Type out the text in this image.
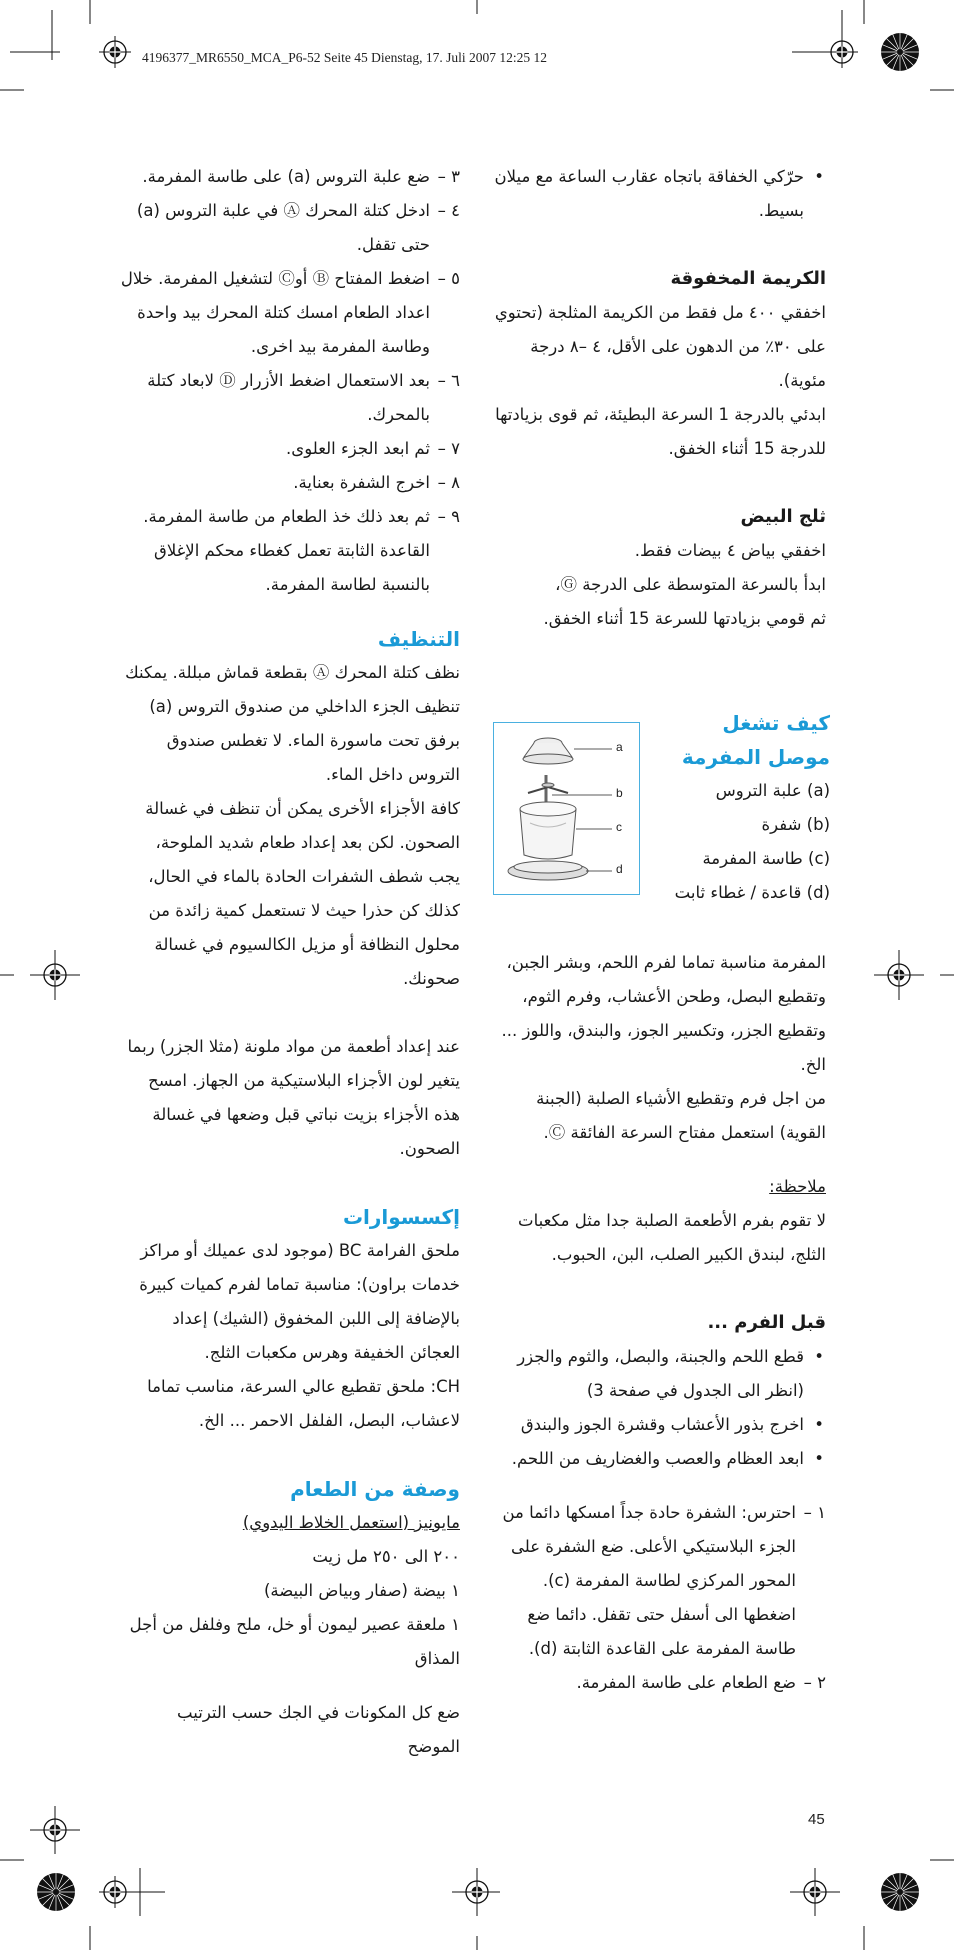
4196377_MR6550_MCA_P6-52 Seite 45 Dienstag, 17. Juli 2007 12:25 12
• حرّكي الخفاقة باتجاه عقارب الساعة مع ميلان بسيط.

الكريمة المخفوقة

اخفقي ٤٠٠ مل فقط من الكريمة المثلجة (تحتوي على ٣٠٪ من الدهون على الأقل، ٤ –٨ درجة مئوية).

ابدئي بالدرجة 1 السرعة البطيئة، ثم قوى بزيادتها للدرجة 15 أثناء الخفق.

ثلج البيض

اخفقي بياض ٤ بيضات فقط.

ابدأ بالسرعة المتوسطة على الدرجة Ⓖ،

ثم قومي بزيادتها للسرعة 15 أثناء الخفق.

كيف تشغل

موصل المفرمة

(a) علبة التروس

(b) شفرة

(c) طاسة المفرمة

(d) قاعدة / غطاء ثابت

a
b
c
d

المفرمة مناسبة تماما لفرم اللحم، وبشر الجبن، وتقطيع البصل، وطحن الأعشاب، وفرم الثوم، وتقطيع الجزر، وتكسير الجوز، والبندق، واللوز ... الخ.

من اجل فرم وتقطيع الأشياء الصلبة (الجبنة القوية) استعمل مفتاح السرعة الفائقة Ⓒ.

ملاحظة:

لا تقوم بفرم الأطعمة الصلبة جدا مثل مكعبات الثلج، لبندق الكبير الصلب، البن، الحبوب.

قبل الفرم ...

• قطع اللحم والجبنة، والبصل، والثوم والجزر (انظر الى الجدول في صفحة 3)
• اخرج بذور الأعشاب وقشرة الجوز والبندق
• ابعد العظام والعصب والغضاريف من اللحم.
١ –

احترس: الشفرة حادة جداً امسكها دائما من الجزء البلاستيكي الأعلى. ضع الشفرة على المحور المركزي لطاسة المفرمة (c). اضغطها الى أسفل حتى تقفل. دائما ضع طاسة المفرمة على القاعدة الثابتة (d).

٢ –

ضع الطعام على طاسة المفرمة.

٣ –

ضع علبة التروس (a) على طاسة المفرمة.

٤ –

ادخل كتلة المحرك Ⓐ في علبة التروس (a) حتى تقفل.

٥ –

اضغط المفتاح Ⓑ أوⒸ لتشغيل المفرمة. خلال اعداد الطعام امسك كتلة المحرك بيد واحدة وطاسة المفرمة بيد اخرى.

٦ –

بعد الاستعمال اضغط الأزرار Ⓓ لابعاد كتلة بالمحرك.

٧ –

ثم ابعد الجزء العلوى.

٨ –

اخرج الشفرة بعناية.

٩ –

ثم بعد ذلك خذ الطعام من طاسة المفرمة. القاعدة الثابتة تعمل كغطاء محكم الإغلاق بالنسبة لطاسة المفرمة.

التنظيف

نظف كتلة المحرك Ⓐ بقطعة قماش مبللة. يمكنك تنظيف الجزء الداخلي من صندوق التروس (a) برفق تحت ماسورة الماء. لا تغطس صندوق التروس داخل الماء.

كافة الأجزاء الأخرى يمكن أن تنظف في غسالة الصحون. لكن بعد إعداد طعام شديد الملوحة، يجب شطف الشفرات الحادة بالماء في الحال، كذلك كن حذرا حيث لا تستعمل كمية زائدة من محلول النظافة أو مزيل الكالسيوم في غسالة صحونك.

عند إعداد أطعمة من مواد ملونة (مثلا الجزر) ربما يتغير لون الأجزاء البلاستيكية من الجهاز. امسح هذه الأجزاء بزيت نباتي قبل وضعها في غسالة الصحون.

إكسسوارات

ملحق الفرامة BC (موجود لدى عميلك أو مراكز خدمات براون): مناسبة تماما لفرم كميات كبيرة بالإضافة إلى اللبن المخفوق (الشيك) إعداد العجائن الخفيفة وهرس مكعبات الثلج.

CH: ملحق تقطيع عالي السرعة، مناسب تماما لاعشاب، البصل، الفلفل الاحمر ... الخ.

وصفة من الطعام

مايونيز (استعمل الخلاط اليدوي)

٢٠٠ الى ٢٥٠ مل زيت

١ بيضة (صفار وبياض البيضة)

١ ملعقة عصير ليمون أو خل، ملح وفلفل من أجل المذاق

ضع كل المكونات في الجك حسب الترتيب الموضح

45
